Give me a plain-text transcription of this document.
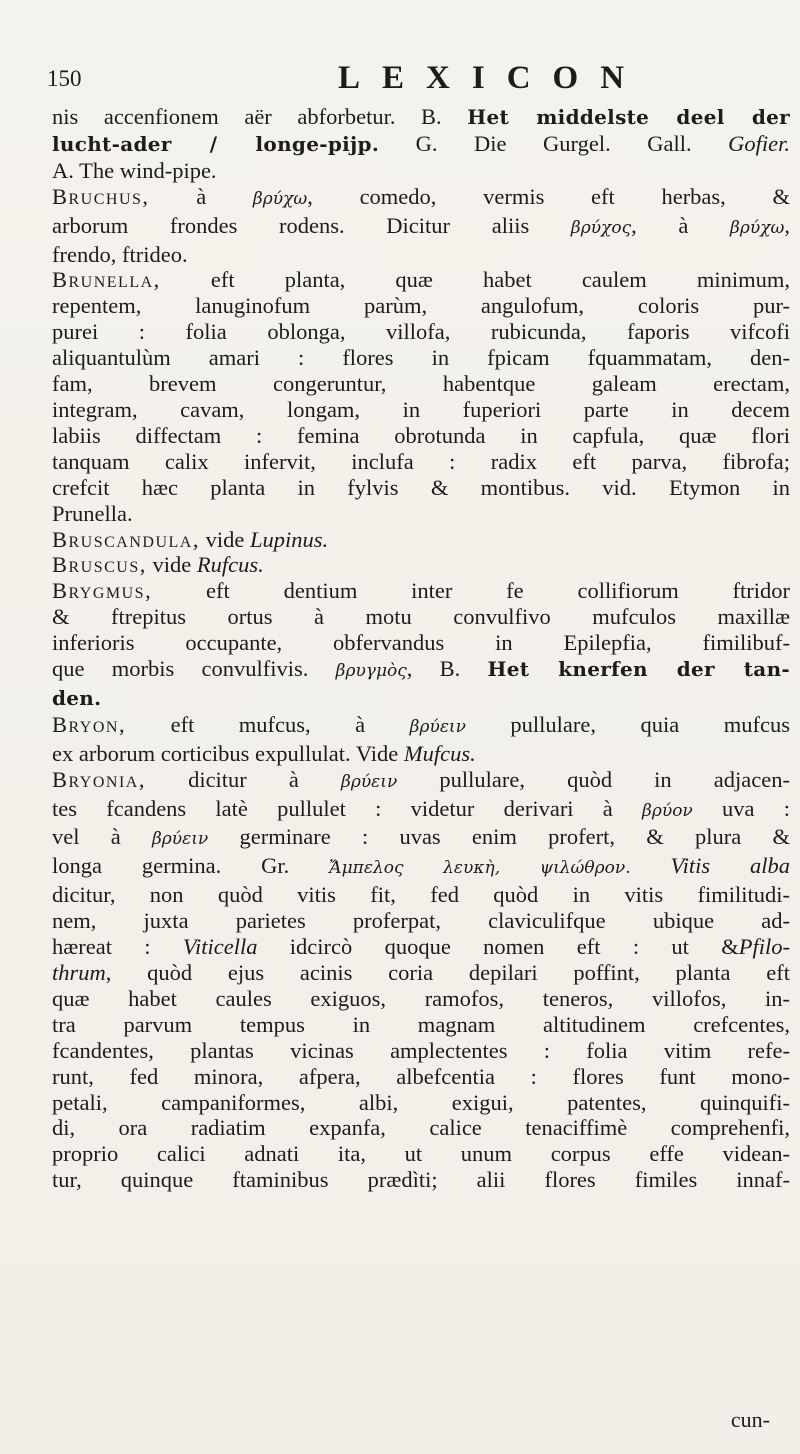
150	LEXICON
nis accenfionem aër abforbetur. B. Het middelste deel der
lucht-ader / longe-pijp. G. Die Gurgel. Gall. Gofier.
A. The wind-pipe.
Bruchus, à βρύχω, comedo, vermis eft herbas, &
arborum frondes rodens. Dicitur aliis βρύχος, à βρύχω,
frendo, ftrideo.
Brunella, eft planta, quæ habet caulem minimum,
repentem, lanuginofum parùm, angulofum, coloris pur-
purei : folia oblonga, villofa, rubicunda, faporis vifcofi
aliquantulùm amari : flores in fpicam fquammatam, den-
fam, brevem congeruntur, habentque galeam erectam,
integram, cavam, longam, in fuperiori parte in decem
labiis diffectam : femina obrotunda in capfula, quæ flori
tanquam calix infervit, inclufa : radix eft parva, fibrofa;
crefcit hæc planta in fylvis & montibus. vid. Etymon in
Prunella.
Bruscandula, vide Lupinus.
Bruscus, vide Rufcus.
Brygmus, eft dentium inter fe collifiorum ftridor
& ftrepitus ortus à motu convulfivo mufculos maxillæ
inferioris occupante, obfervandus in Epilepfia, fimilibuf-
que morbis convulfivis. βρυγμὸς, B. Het knerfen der tan-
den.
Bryon, eft mufcus, à βρύειν pullulare, quia mufcus
ex arborum corticibus expullulat. Vide Mufcus.
Bryonia, dicitur à βρύειν pullulare, quòd in adjacen-
tes fcandens latè pullulet : videtur derivari à βρύον uva :
vel à βρύειν germinare : uvas enim profert, & plura &
longa germina. Gr. Ἄμπελος λευκὴ, ψιλώθρον. Vitis alba
dicitur, non quòd vitis fit, fed quòd in vitis fimilitudi-
nem, juxta parietes proferpat, claviculifque ubique ad-
hæreat : Viticella idcircò quoque nomen eft : ut &Pfilo-
thrum, quòd ejus acinis coria depilari poffint, planta eft
quæ habet caules exiguos, ramofos, teneros, villofos, in-
tra parvum tempus in magnam altitudinem crefcentes,
fcandentes, plantas vicinas amplectentes : folia vitim refe-
runt, fed minora, afpera, albefcentia : flores funt mono-
petali, campaniformes, albi, exigui, patentes, quinquifi-
di, ora radiatim expanfa, calice tenaciffimè comprehenfi,
proprio calici adnati ita, ut unum corpus effe videan-
tur, quinque ftaminibus prædìti; alii flores fimiles innaf-
cun-
